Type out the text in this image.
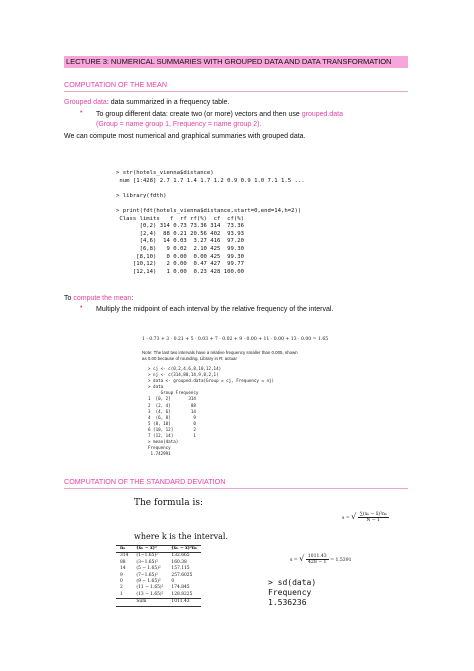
LECTURE 3: NUMERICAL SUMMARIES WITH GROUPED DATA AND DATA TRANSFORMATION
COMPUTATION OF THE MEAN
Grouped data: data summarized in a frequency table.
• To group different data: create two (or more) vectors and then use grouped.data
(Group = name group 1, Frequency = name group 2).
We can compute most numerical and graphical summaries with grouped data.
> str(hotels_vienna$distance)
num [1:428] 2.7 1.7 1.4 1.7 1.2 0.9 0.9 1.0 7.1 1.5 ...

> library(fdth)

> print(fdt(hotels_vienna$distance,start=0,end=14,h=2))
Class limits   f  rf rf(%)  cf  cf(%)
[0,2) 314 0.73 73.36 314  73.36
[2,4)  88 0.21 20.56 402  93.93
[4,6)  14 0.03  3.27 416  97.20
[6,8)   9 0.02  2.10 425  99.30
[8,10)   0 0.00  0.00 425  99.30
[10,12)   2 0.00  0.47 427  99.77
[12,14)   1 0.00  0.23 428 100.00
To compute the mean:
• Multiply the midpoint of each interval by the relative frequency of the interval.
1 · 0.73 + 3 · 0.21 + 5 · 0.03 + 7 · 0.02 + 9 · 0.00 + 11 · 0.00 + 13 · 0.00 = 1.65
Note: The last two intervals have a relative frequency smaller than 0.005, shown
as 0.00 because of rounding. Library in R: actuar
> cj <- c(0,2,4,6,8,10,12,14)
> nj <- c(314,88,14,9,0,2,1)
> data <- grouped.data(Group = cj, Frequency = nj)
> data
Group Frequency
1  [0, 2]       314
2  (2, 4]        88
3  (4, 6]        14
4  (6, 8]         9
5 (8, 10]         0
6 (10, 12]        2
7 (12, 14]        1
> mean(data)
Frequency
1.742991
COMPUTATION OF THE STANDARD DEVIATION
The formula is:
s = √ $\frac{\text{∑(xₖ − x̄)²nₖ}}{N - 1}$
where k is the interval.
nₖ	(xₖ − x̄)²	(xₖ − x̄)²nₖ
314	(1−1.65)²	132.665
88	(3−1.65)²	160.38
14	(5 − 1.65)²	157.115
9	(7−1.65)²	257.6025
0	(9 − 1.65)²	0
2	(11 − 1.65)²	174.845
1	(13 − 1.65)²	128.8225
	Sum	1011.43
s = √ $\frac{1011.43}{428 - 1} = 1.5391$
> sd(data)
Frequency
1.536236
